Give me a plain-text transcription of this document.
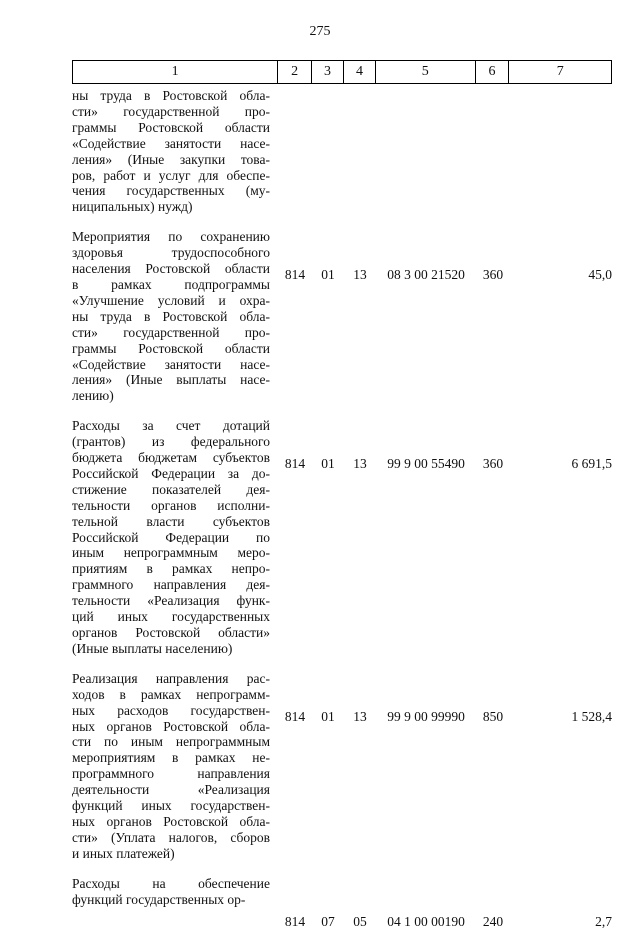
275
1	2	3	4	5	6	7
ны труда в Ростовской обла-
сти» государственной про-
граммы Ростовской области
«Содействие занятости насе-
ления» (Иные закупки това-
ров, работ и услуг для обеспе-
чения государственных (му-
ниципальных) нужд)
Мероприятия по сохранению
здоровья трудоспособного
населения Ростовской области
в рамках подпрограммы
«Улучшение условий и охра-
ны труда в Ростовской обла-
сти» государственной про-
граммы Ростовской области
«Содействие занятости насе-
ления» (Иные выплаты насе-
лению)
814	01	13	08 3 00 21520	360	45,0
Расходы за счет дотаций
(грантов) из федерального
бюджета бюджетам субъектов
Российской Федерации за до-
стижение показателей дея-
тельности органов исполни-
тельной власти субъектов
Российской Федерации по
иным непрограммным меро-
приятиям в рамках непро-
граммного направления дея-
тельности «Реализация функ-
ций иных государственных
органов Ростовской области»
(Иные выплаты населению)
814	01	13	99 9 00 55490	360	6 691,5
Реализация направления рас-
ходов в рамках непрограмм-
ных расходов государствен-
ных органов Ростовской обла-
сти по иным непрограммным
мероприятиям в рамках не-
программного направления
деятельности «Реализация
функций иных государствен-
ных органов Ростовской обла-
сти» (Уплата налогов, сборов
и иных платежей)
814	01	13	99 9 00 99990	850	1 528,4
Расходы на обеспечение
функций государственных ор-
814	07	05	04 1 00 00190	240	2,7
